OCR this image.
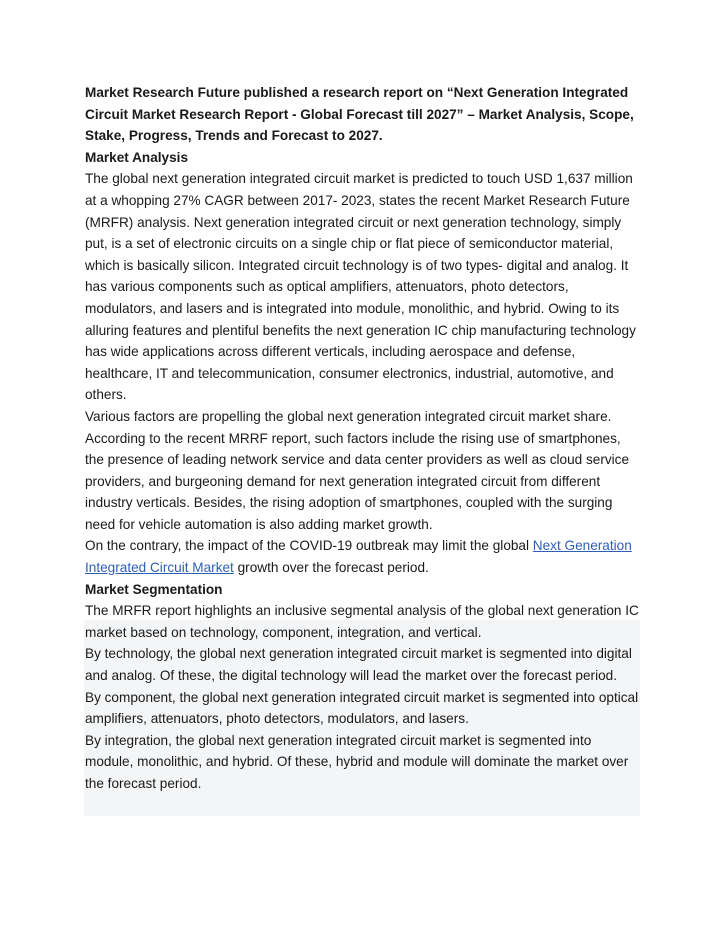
Market Research Future published a research report on “Next Generation Integrated Circuit Market Research Report - Global Forecast till 2027” – Market Analysis, Scope, Stake, Progress, Trends and Forecast to 2027.

Market Analysis

The global next generation integrated circuit market is predicted to touch USD 1,637 million at a whopping 27% CAGR between 2017- 2023, states the recent Market Research Future (MRFR) analysis. Next generation integrated circuit or next generation technology, simply put, is a set of electronic circuits on a single chip or flat piece of semiconductor material, which is basically silicon. Integrated circuit technology is of two types- digital and analog. It has various components such as optical amplifiers, attenuators, photo detectors, modulators, and lasers and is integrated into module, monolithic, and hybrid. Owing to its alluring features and plentiful benefits the next generation IC chip manufacturing technology has wide applications across different verticals, including aerospace and defense, healthcare, IT and telecommunication, consumer electronics, industrial, automotive, and others.

Various factors are propelling the global next generation integrated circuit market share. According to the recent MRRF report, such factors include the rising use of smartphones, the presence of leading network service and data center providers as well as cloud service providers, and burgeoning demand for next generation integrated circuit from different industry verticals. Besides, the rising adoption of smartphones, coupled with the surging need for vehicle automation is also adding market growth.

On the contrary, the impact of the COVID-19 outbreak may limit the global Next Generation Integrated Circuit Market growth over the forecast period.

Market Segmentation

The MRFR report highlights an inclusive segmental analysis of the global next generation IC market based on technology, component, integration, and vertical.

By technology, the global next generation integrated circuit market is segmented into digital and analog. Of these, the digital technology will lead the market over the forecast period.

By component, the global next generation integrated circuit market is segmented into optical amplifiers, attenuators, photo detectors, modulators, and lasers.

By integration, the global next generation integrated circuit market is segmented into module, monolithic, and hybrid. Of these, hybrid and module will dominate the market over the forecast period.
